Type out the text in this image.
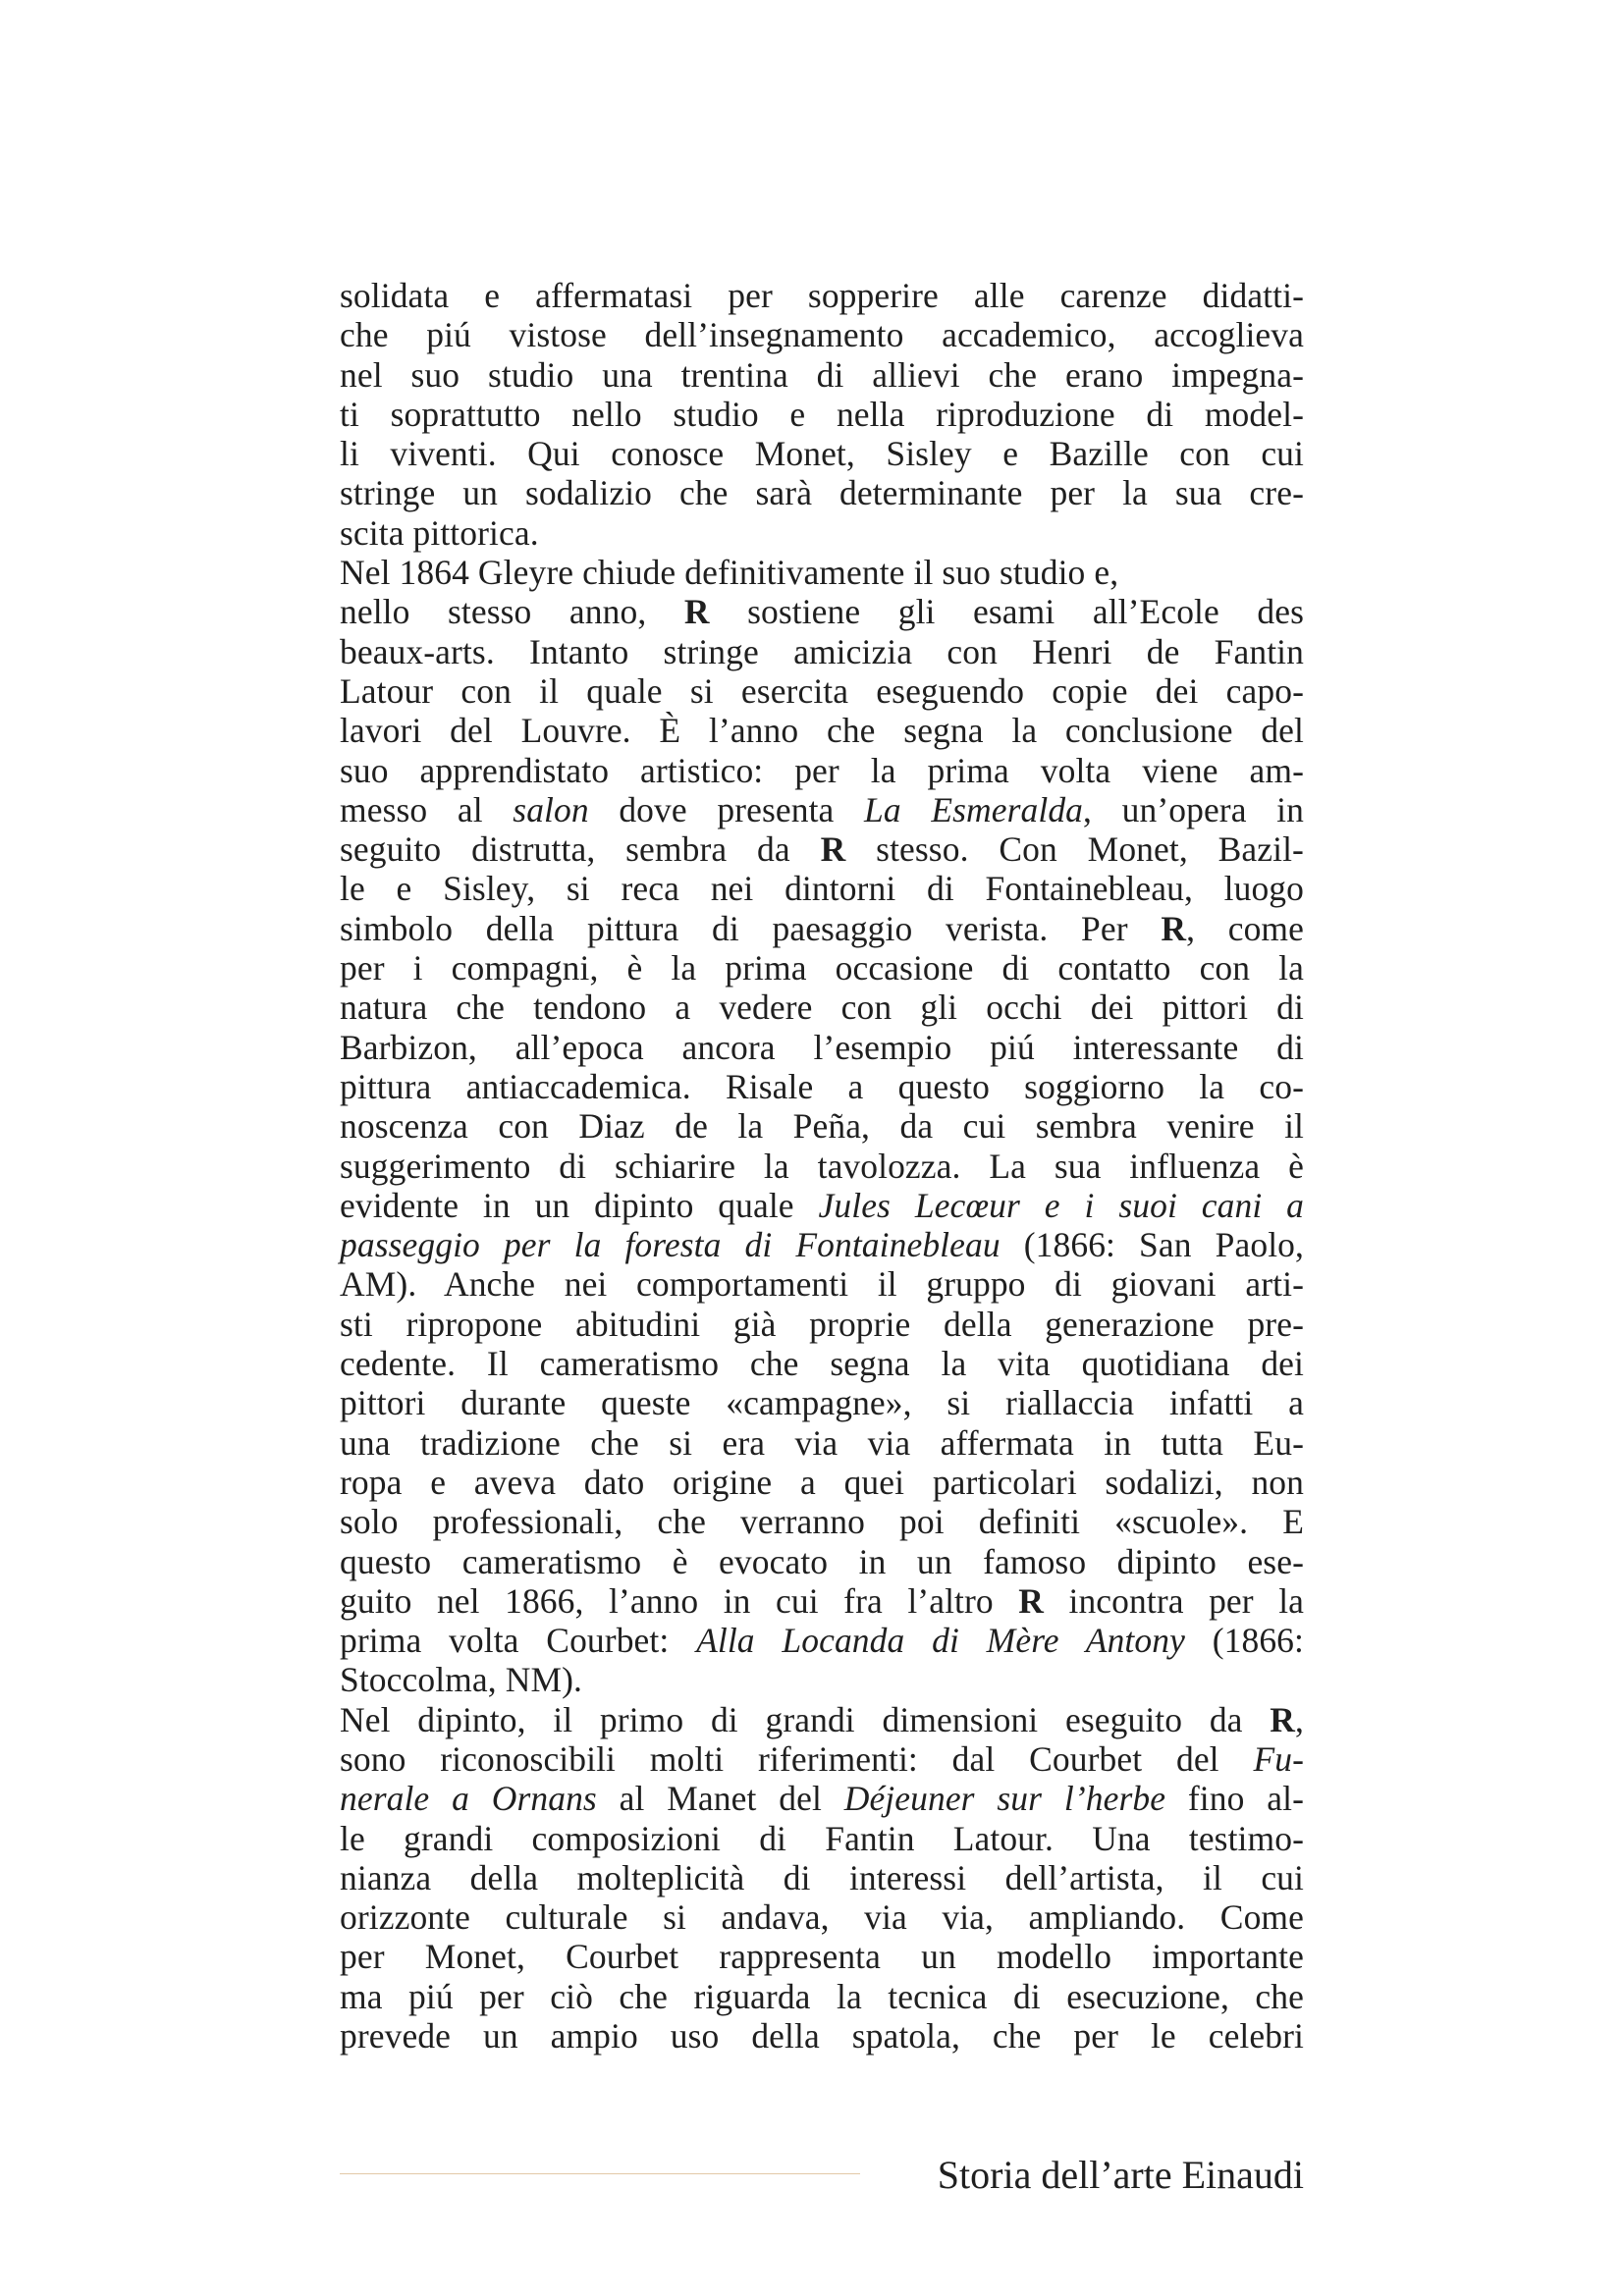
solidata e affermatasi per sopperire alle carenze didatti-
che piú vistose dell’insegnamento accademico, accoglieva
nel suo studio una trentina di allievi che erano impegna-
ti soprattutto nello studio e nella riproduzione di model-
li viventi. Qui conosce Monet, Sisley e Bazille con cui
stringe un sodalizio che sarà determinante per la sua cre-
scita pittorica.
Nel 1864 Gleyre chiude definitivamente il suo studio e,
nello stesso anno, R sostiene gli esami all’Ecole des
beaux-arts. Intanto stringe amicizia con Henri de Fantin
Latour con il quale si esercita eseguendo copie dei capo-
lavori del Louvre. È l’anno che segna la conclusione del
suo apprendistato artistico: per la prima volta viene am-
messo al salon dove presenta La Esmeralda, un’opera in
seguito distrutta, sembra da R stesso. Con Monet, Bazil-
le e Sisley, si reca nei dintorni di Fontainebleau, luogo
simbolo della pittura di paesaggio verista. Per R, come
per i compagni, è la prima occasione di contatto con la
natura che tendono a vedere con gli occhi dei pittori di
Barbizon, all’epoca ancora l’esempio piú interessante di
pittura antiaccademica. Risale a questo soggiorno la co-
noscenza con Diaz de la Peña, da cui sembra venire il
suggerimento di schiarire la tavolozza. La sua influenza è
evidente in un dipinto quale Jules Lecœur e i suoi cani a
passeggio per la foresta di Fontainebleau (1866: San Paolo,
AM). Anche nei comportamenti il gruppo di giovani arti-
sti ripropone abitudini già proprie della generazione pre-
cedente. Il cameratismo che segna la vita quotidiana dei
pittori durante queste «campagne», si riallaccia infatti a
una tradizione che si era via via affermata in tutta Eu-
ropa e aveva dato origine a quei particolari sodalizi, non
solo professionali, che verranno poi definiti «scuole». E
questo cameratismo è evocato in un famoso dipinto ese-
guito nel 1866, l’anno in cui fra l’altro R incontra per la
prima volta Courbet: Alla Locanda di Mère Antony (1866:
Stoccolma, NM).
Nel dipinto, il primo di grandi dimensioni eseguito da R,
sono riconoscibili molti riferimenti: dal Courbet del Fu-
nerale a Ornans al Manet del Déjeuner sur l’herbe fino al-
le grandi composizioni di Fantin Latour. Una testimo-
nianza della molteplicità di interessi dell’artista, il cui
orizzonte culturale si andava, via via, ampliando. Come
per Monet, Courbet rappresenta un modello importante
ma piú per ciò che riguarda la tecnica di esecuzione, che
prevede un ampio uso della spatola, che per le celebri
Storia dell’arte Einaudi
